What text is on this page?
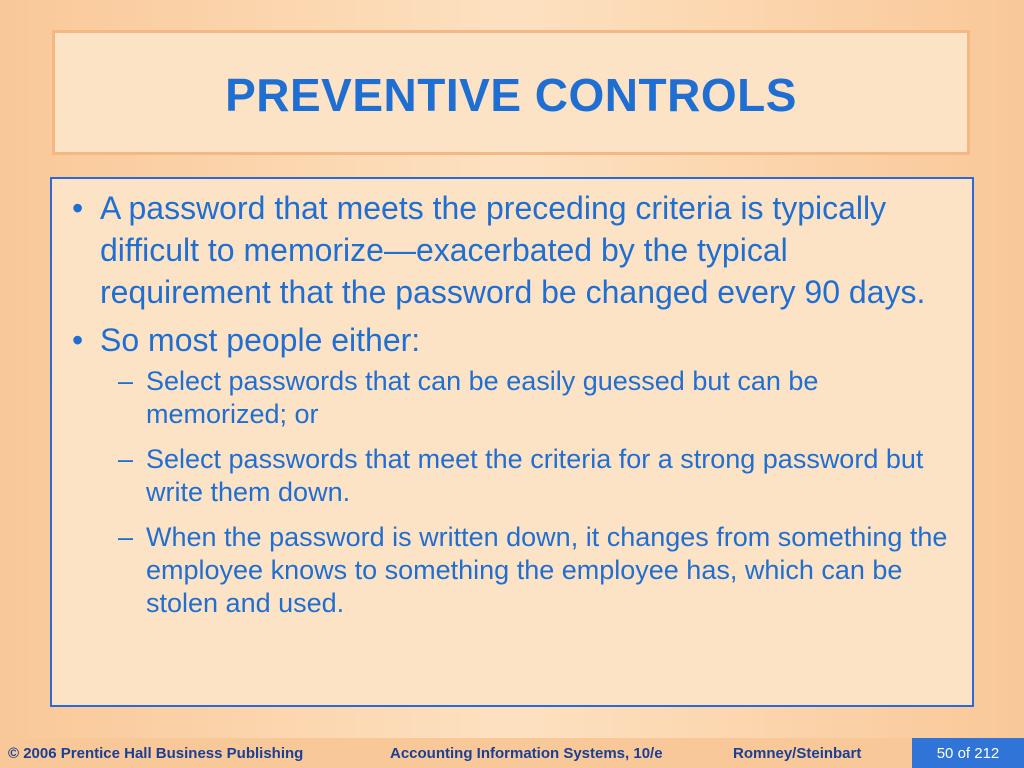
PREVENTIVE CONTROLS
• A password that meets the preceding criteria is typically difficult to memorize—exacerbated by the typical requirement that the password be changed every 90 days.
• So most people either:
– Select passwords that can be easily guessed but can be memorized; or
– Select passwords that meet the criteria for a strong password but write them down.
– When the password is written down, it changes from something the employee knows to something the employee has, which can be stolen and used.
© 2006 Prentice Hall Business Publishing	Accounting Information Systems, 10/e	Romney/Steinbart	50 of 212
